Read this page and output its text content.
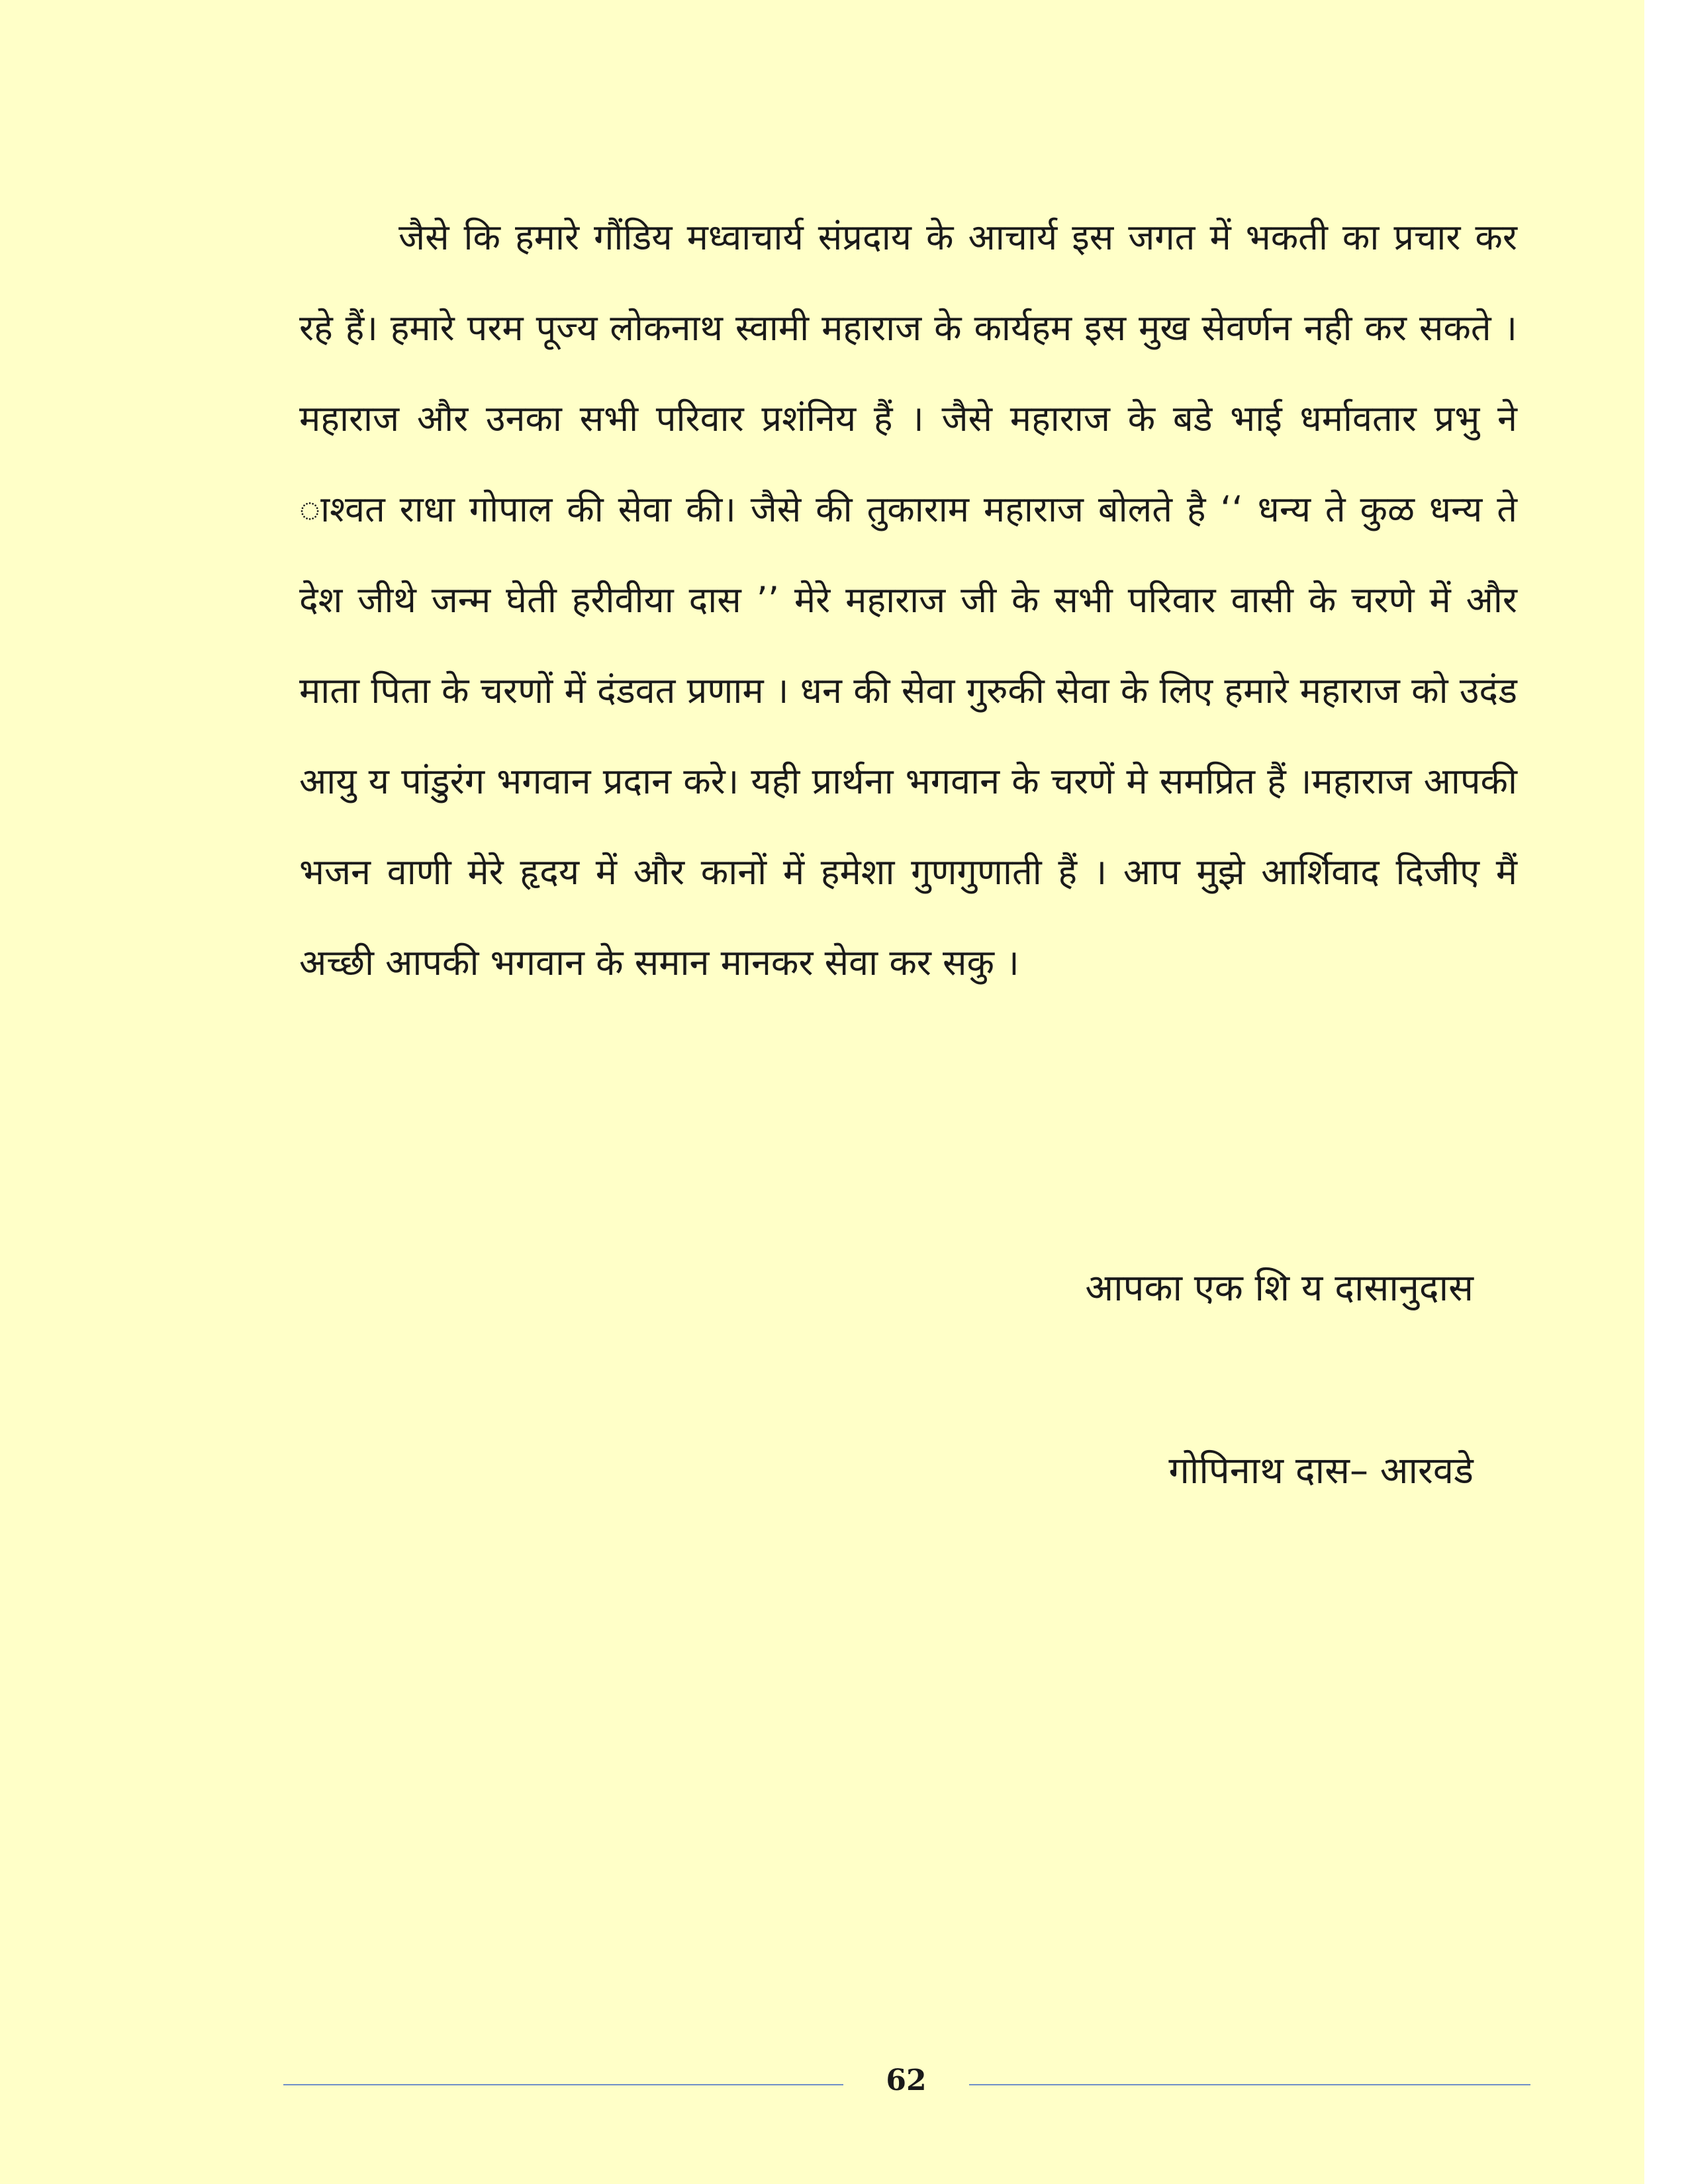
जैसे कि हमारे गौंडिय मध्वाचार्य संप्रदाय के आचार्य इस जगत में भकती का प्रचार कर रहे हैं। हमारे परम पूज्य लोकनाथ स्वामी महाराज के कार्यहम इस मुख सेवर्णन नही कर सकते । महाराज और उनका सभी परिवार प्रशंनिय हैं । जैसे महाराज के बडे भाई धर्मावतार प्रभु ने ाश्वत राधा गोपाल की सेवा की। जैसे की तुकाराम महाराज बोलते है ‘‘ धन्य ते कुळ धन्य ते देश जीथे जन्म घेती हरीवीया दास ’’ मेरे महाराज जी के सभी परिवार वासी के चरणे में और माता पिता के चरणों में दंडवत प्रणाम । धन की सेवा गुरुकी सेवा के लिए हमारे महाराज को उदंड आयु य पांडुरंग भगवान प्रदान करे। यही प्रार्थना भगवान के चरणें मे समप्रित हैं ।महाराज आपकी भजन वाणी मेरे हृदय में और कानों में हमेशा गुणगुणाती हैं । आप मुझे आर्शिवाद दिजीए मैं अच्छी आपकी भगवान के समान मानकर सेवा कर सकु ।

आपका एक शि य दासानुदास
गोपिनाथ दास– आरवडे
62
